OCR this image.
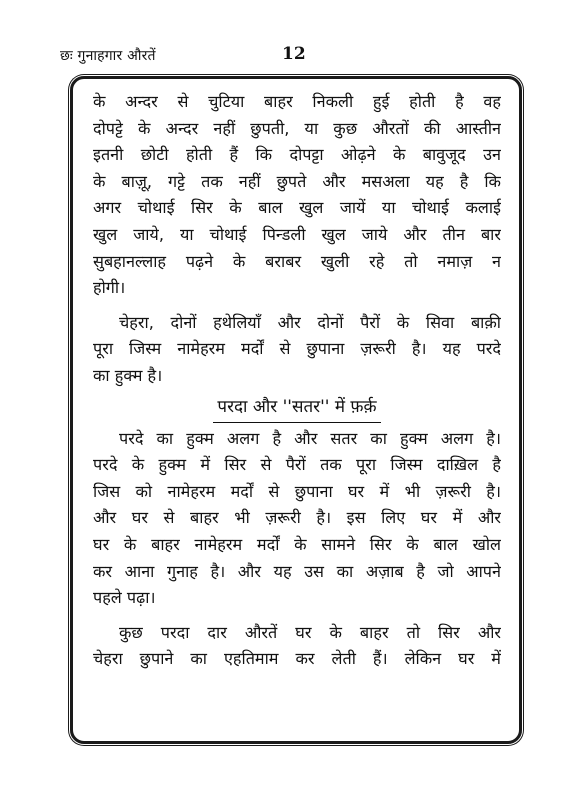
छः गुनाहगार औरतें	12

के अन्दर से चुटिया बाहर निकली हुई होती है वह
दोपट्टे के अन्दर नहीं छुपती, या कुछ औरतों की आस्तीन
इतनी छोटी होती हैं कि दोपट्टा ओढ़ने के बावुजूद उन
के बाज़ू, गट्टे तक नहीं छुपते और मसअला यह है कि
अगर चोथाई सिर के बाल खुल जायें या चोथाई कलाई
खुल जाये, या चोथाई पिन्डली खुल जाये और तीन बार
सुबहानल्लाह पढ़ने के बराबर खुली रहे तो नमाज़ न
होगी।

चेहरा, दोनों हथेलियाँ और दोनों पैरों के सिवा बाक़ी
पूरा जिस्म नामेहरम मर्दों से छुपाना ज़रूरी है। यह परदे
का हुक्म है।

परदा और ''सतर'' में फ़र्क़

परदे का हुक्म अलग है और सतर का हुक्म अलग है।
परदे के हुक्म में सिर से पैरों तक पूरा जिस्म दाख़िल है
जिस को नामेहरम मर्दों से छुपाना घर में भी ज़रूरी है।
और घर से बाहर भी ज़रूरी है। इस लिए घर में और
घर के बाहर नामेहरम मर्दों के सामने सिर के बाल खोल
कर आना गुनाह है। और यह उस का अज़ाब है जो आपने
पहले पढ़ा।

कुछ परदा दार औरतें घर के बाहर तो सिर और
चेहरा छुपाने का एहतिमाम कर लेती हैं। लेकिन घर में
